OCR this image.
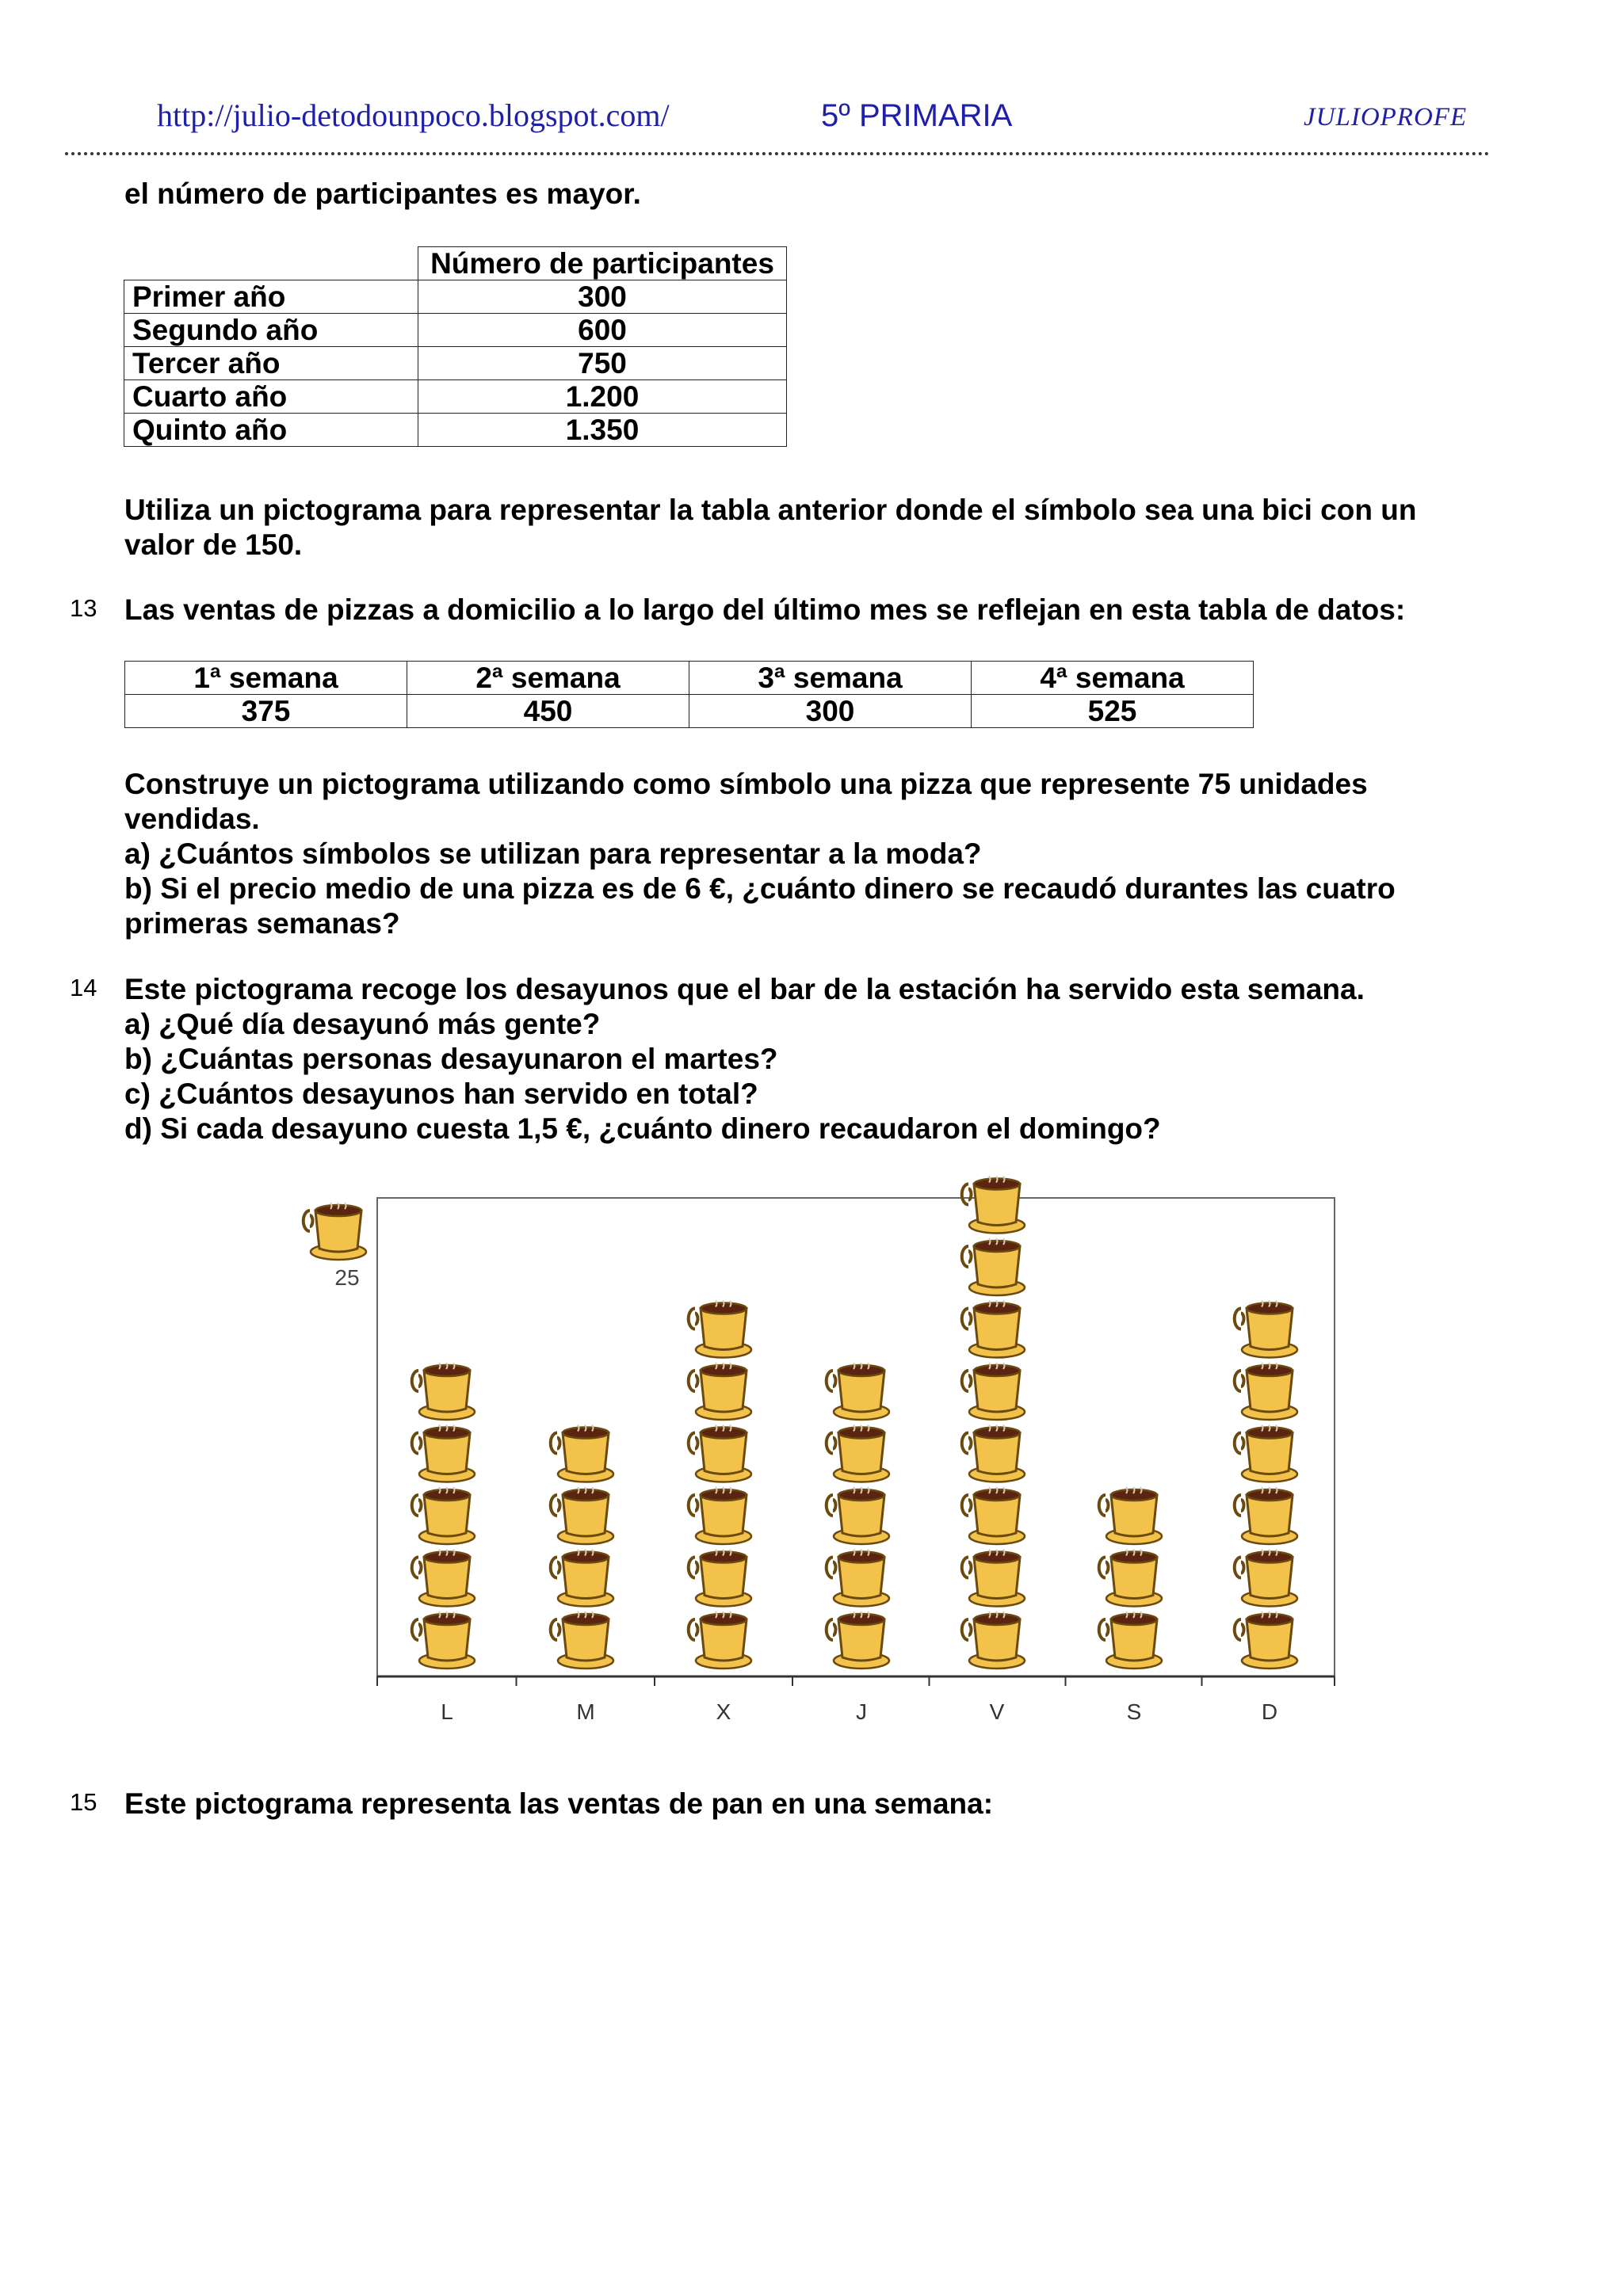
http://julio-detodounpoco.blogspot.com/	5º PRIMARIA	JULIOPROFE

el número de participantes es mayor.

	Número de participantes
Primer año	300
Segundo año	600
Tercer año	750
Cuarto año	1.200
Quinto año	1.350

Utiliza un pictograma para representar la tabla anterior donde el símbolo sea una bici con un

valor de 150.

13 Las ventas de pizzas a domicilio a lo largo del último mes se reflejan en esta tabla de datos:

1ª semana	2ª semana	3ª semana	4ª semana
375	450	300	525

Construye un pictograma utilizando como símbolo una pizza que represente 75 unidades

vendidas.

a) ¿Cuántos símbolos se utilizan para representar a la moda?

b) Si el precio medio de una pizza es de 6 €, ¿cuánto dinero se recaudó durantes las cuatro

primeras semanas?

14 Este pictograma recoge los desayunos que el bar de la estación ha servido esta semana.

a) ¿Qué día desayunó más gente?

b) ¿Cuántas personas desayunaron el martes?

c) ¿Cuántos desayunos han servido en total?

d) Si cada desayuno cuesta 1,5 €, ¿cuánto dinero recaudaron el domingo?

25
L	M	X	J	V	S	D
15 Este pictograma representa las ventas de pan en una semana:
